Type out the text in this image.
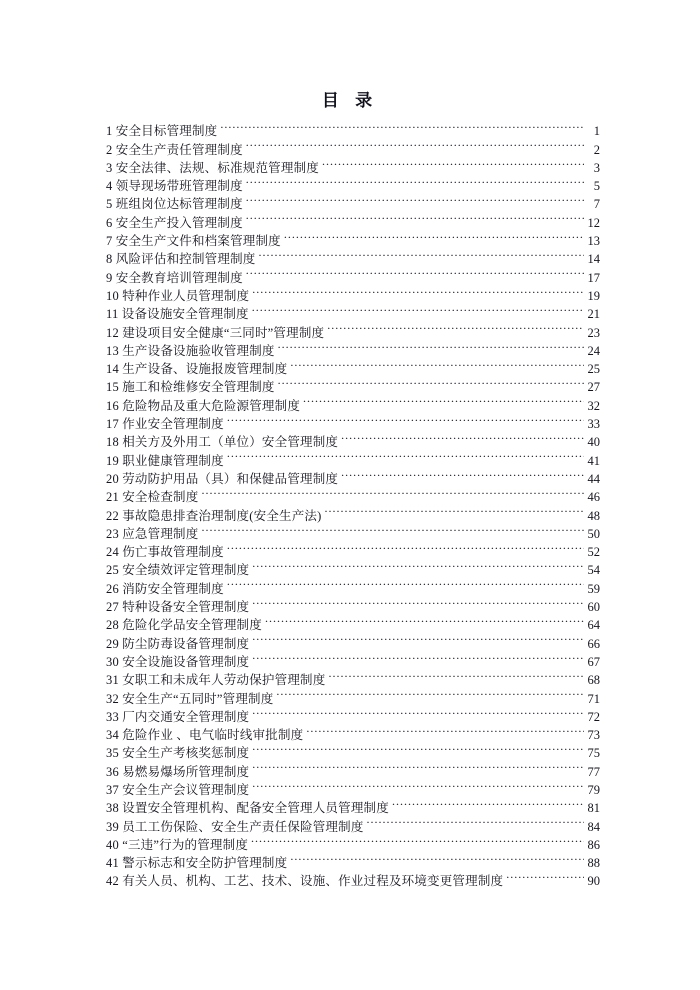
目 录
1 安全目标管理制度 .....	1
2 安全生产责任管理制度 .....	2
3 安全法律、法规、标准规范管理制度 .....	3
4 领导现场带班管理制度 .....	5
5 班组岗位达标管理制度 .....	7
6 安全生产投入管理制度 .....	12
7 安全生产文件和档案管理制度 .....	13
8 风险评估和控制管理制度 .....	14
9 安全教育培训管理制度 .....	17
10 特种作业人员管理制度 .....	19
11 设备设施安全管理制度 .....	21
12 建设项目安全健康“三同时”管理制度 .....	23
13 生产设备设施验收管理制度 .....	24
14 生产设备、设施报废管理制度 .....	25
15 施工和检维修安全管理制度 .....	27
16 危险物品及重大危险源管理制度 .....	32
17 作业安全管理制度 .....	33
18 相关方及外用工（单位）安全管理制度 .....	40
19 职业健康管理制度 .....	41
20 劳动防护用品（具）和保健品管理制度 .....	44
21 安全检查制度 .....	46
22 事故隐患排查治理制度(安全生产法) .....	48
23 应急管理制度 .....	50
24 伤亡事故管理制度 .....	52
25 安全绩效评定管理制度 .....	54
26 消防安全管理制度 .....	59
27 特种设备安全管理制度 .....	60
28 危险化学品安全管理制度 .....	64
29 防尘防毒设备管理制度 .....	66
30 安全设施设备管理制度 .....	67
31 女职工和未成年人劳动保护管理制度 .....	68
32 安全生产“五同时”管理制度 .....	71
33 厂内交通安全管理制度 .....	72
34 危险作业 、电气临时线审批制度 .....	73
35 安全生产考核奖惩制度 .....	75
36 易燃易爆场所管理制度 .....	77
37 安全生产会议管理制度 .....	79
38 设置安全管理机构、配备安全管理人员管理制度 .....	81
39 员工工伤保险、安全生产责任保险管理制度 .....	84
40 “三违”行为的管理制度 .....	86
41 警示标志和安全防护管理制度 .....	88
42 有关人员、机构、工艺、技术、设施、作业过程及环境变更管理制度 .....	90
